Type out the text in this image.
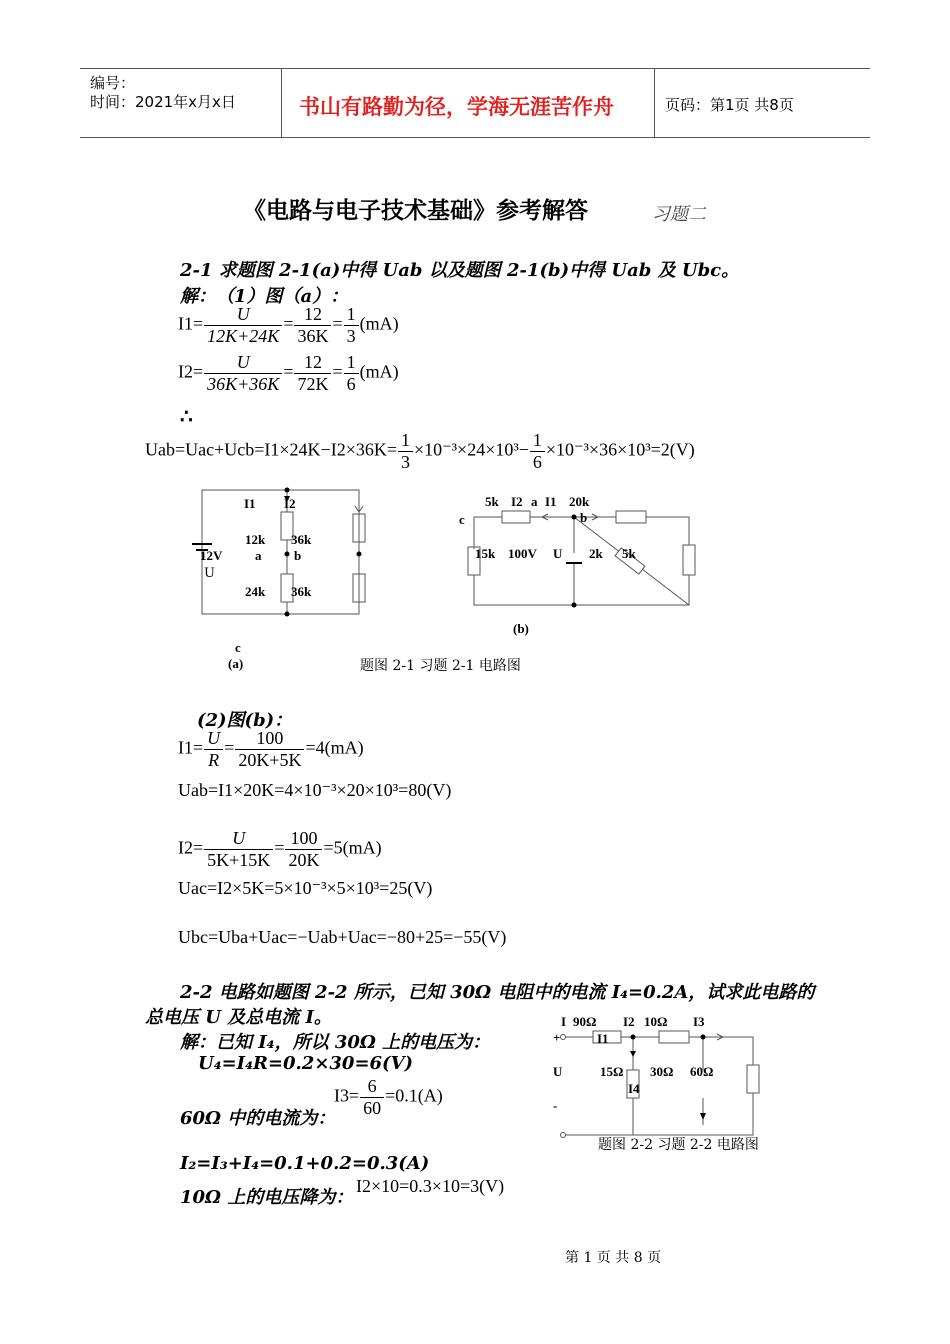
编号：
时间：2021年x月x日	书山有路勤为径，学海无涯苦作舟	页码：第1页 共8页
《电路与电子技术基础》参考解答	习题二
2-1 求题图 2-1(a)中得 Uab 以及题图 2-1(b)中得 Uab 及 Ubc。
解：（1）图（a）：
$I1= \frac{U}{12K+24K} = \frac{12}{36K} = \frac{1}{3} (mA)$
$I2= \frac{U}{36K+36K} = \frac{12}{72K} = \frac{1}{6} (mA)$
∴
$Uab=Uac+Ucb=I1\times 24K-I2\times 36K= \frac{1}{3} \times 10^{-3}\times 24\times 10^3- \frac{1}{6} \times 10^{-3}\times 36\times 10^3=2(V)$
I1 I2
12k 36k
12V	a	b
U
24k 36k
c
(a)
5k I2 a I1 20k
c	b
15k 100V U 2k 5k
(b)
题图 2-1 习题 2-1 电路图
(2)图(b)：
$I1= \frac{U}{R} = \frac{100}{20K+5K} =4(mA)$
Uab=I1×20K=4×10⁻³×20×10³=80(V)
$I2= \frac{U}{5K+15K} = \frac{100}{20K} =5(mA)$
Uac=I2×5K=5×10⁻³×5×10³=25(V)
Ubc=Uba+Uac=−Uab+Uac=−80+25=−55(V)
2-2 电路如题图 2-2 所示，已知 30Ω 电阻中的电流 I₄=0.2A，试求此电路的
总电压 U 及总电流 I。
解：已知 I₄，所以 30Ω 上的电压为：
U₄=I₄R=0.2×30=6(V)
$I3= \frac{6}{60} =0.1(A)$
60Ω 中的电流为：
I₂=I₃+I₄=0.1+0.2=0.3(A)
10Ω 上的电压降为：
I2×10=0.3×10=3(V)
I 90Ω I2 10Ω I3
+	I1
U	15Ω 30Ω 60Ω
I4
-
题图 2-2 习题 2-2 电路图
第 1 页 共 8 页
